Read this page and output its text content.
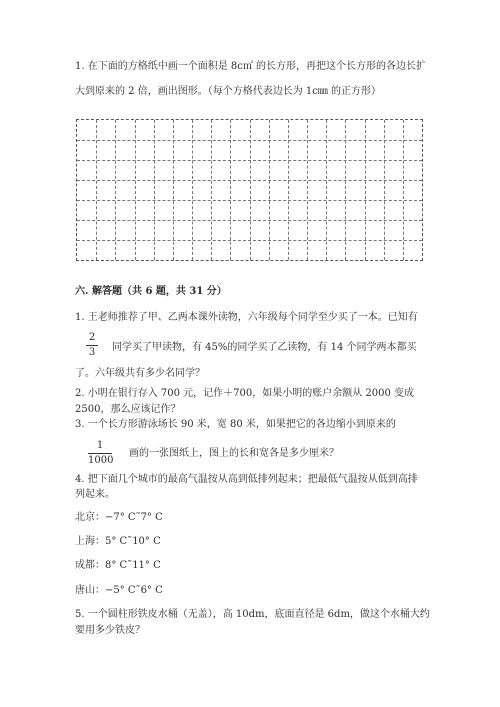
1. 在下面的方格纸中画一个面积是 8c㎡ 的长方形，再把这个长方形的各边长扩
大到原来的 2 倍，画出图形。（每个方格代表边长为 1c㎜ 的正方形）
六. 解答题（共 6 题，共 31 分）
1. 王老师推荐了甲、乙两本课外读物，六年级每个同学至少买了一本。已知有
2
3 同学买了甲读物，有 45%的同学买了乙读物，有 14 个同学两本都买
了。六年级共有多少名同学？
2. 小明在银行存入 700 元，记作＋700，如果小明的账户余额从 2000 变成
2500，那么应该记作？
3. 一个长方形游泳场长 90 米，宽 80 米，如果把它的各边缩小到原来的
1
1000
画的一张图纸上，图上的长和宽各是多少厘米？
4. 把下面几个城市的最高气温按从高到低排列起来；把最低气温按从低到高排
列起来。
北京：−7° C˜7° C
上海：5° C˜10° C
成都：8° C˜11° C
唐山：−5° C˜6° C
5. 一个圆柱形铁皮水桶（无盖），高 10dm，底面直径是 6dm，做这个水桶大约
要用多少铁皮？
